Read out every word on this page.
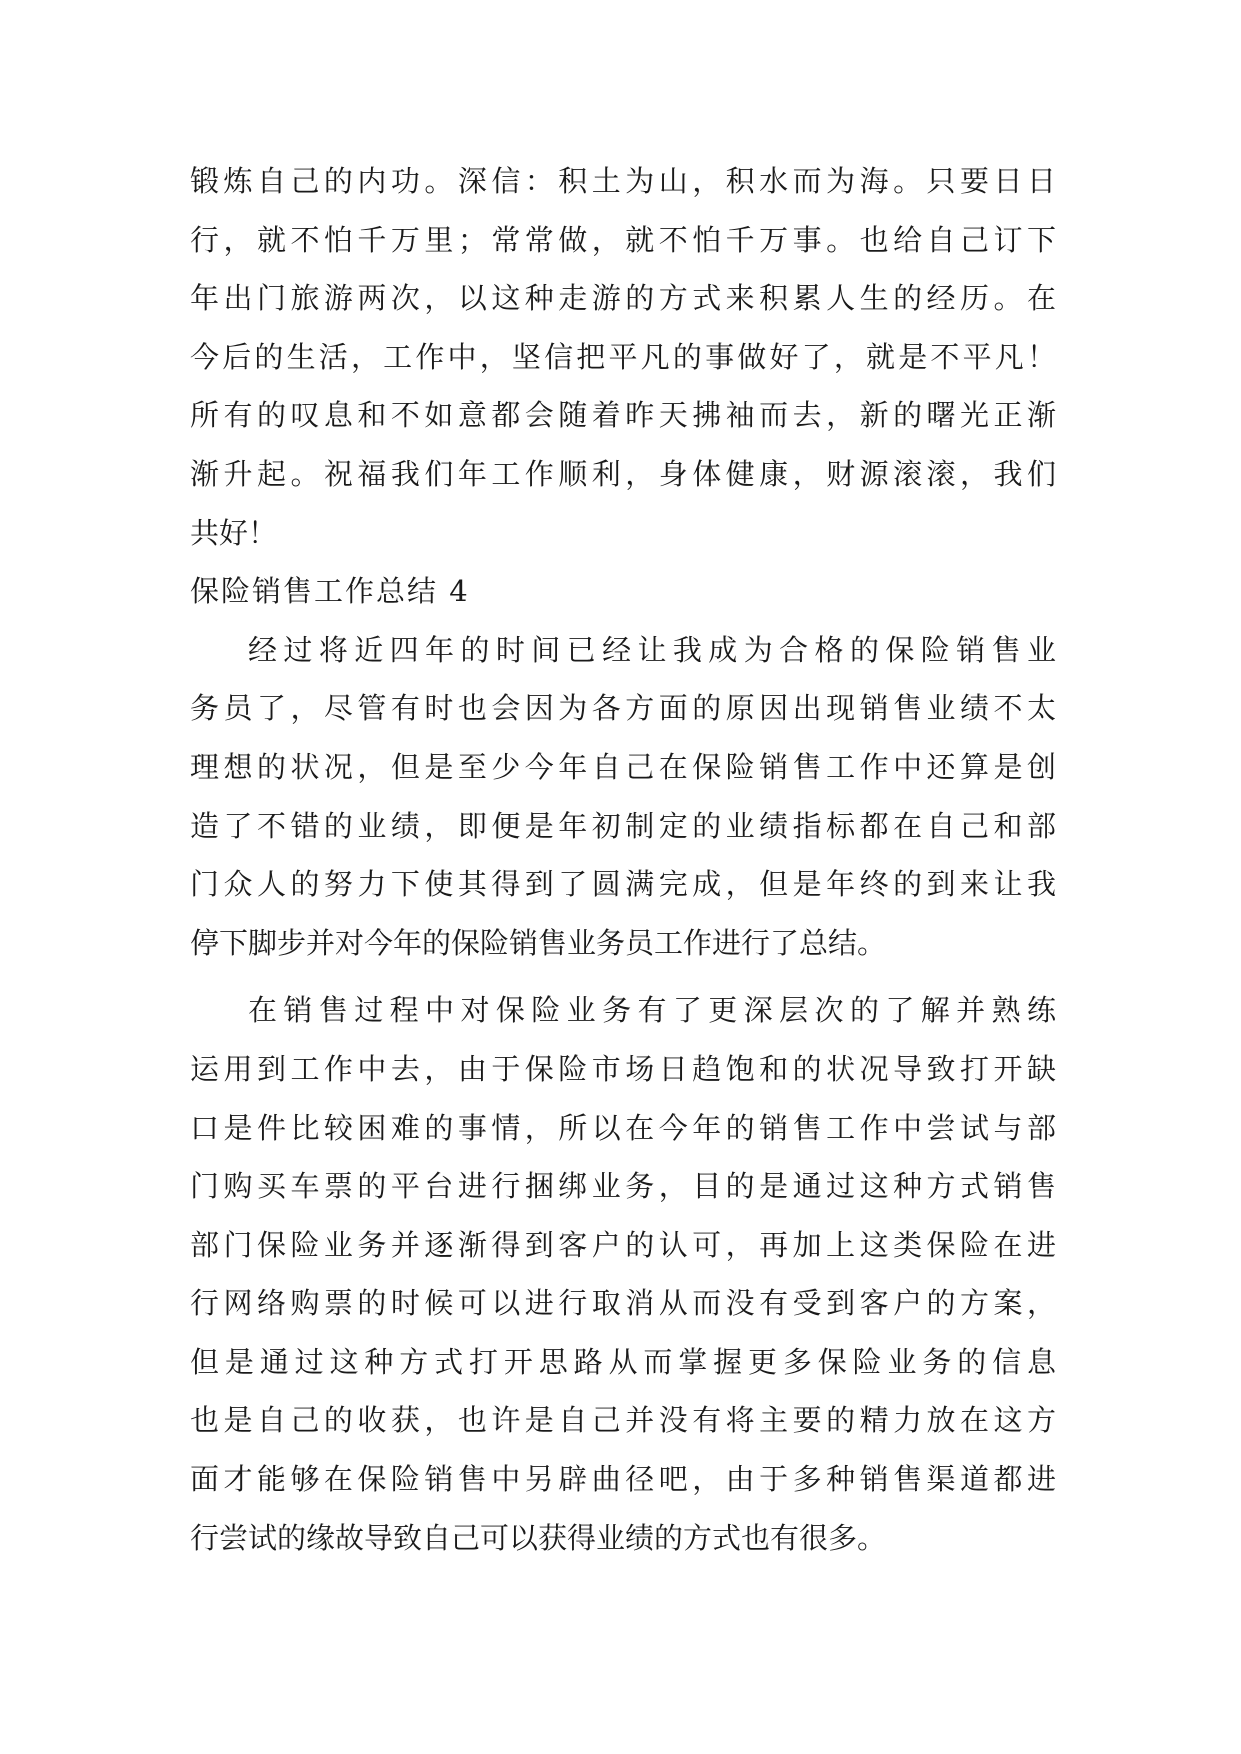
锻炼自己的内功。深信：积土为山，积水而为海。只要日日
行，就不怕千万里；常常做，就不怕千万事。也给自己订下
年出门旅游两次，以这种走游的方式来积累人生的经历。在
今后的生活，工作中，坚信把平凡的事做好了，就是不平凡！
所有的叹息和不如意都会随着昨天拂袖而去，新的曙光正渐
渐升起。祝福我们年工作顺利，身体健康，财源滚滚，我们
共好！
保险销售工作总结 4
经过将近四年的时间已经让我成为合格的保险销售业
务员了，尽管有时也会因为各方面的原因出现销售业绩不太
理想的状况，但是至少今年自己在保险销售工作中还算是创
造了不错的业绩，即便是年初制定的业绩指标都在自己和部
门众人的努力下使其得到了圆满完成，但是年终的到来让我
停下脚步并对今年的保险销售业务员工作进行了总结。
在销售过程中对保险业务有了更深层次的了解并熟练
运用到工作中去，由于保险市场日趋饱和的状况导致打开缺
口是件比较困难的事情，所以在今年的销售工作中尝试与部
门购买车票的平台进行捆绑业务，目的是通过这种方式销售
部门保险业务并逐渐得到客户的认可，再加上这类保险在进
行网络购票的时候可以进行取消从而没有受到客户的方案，
但是通过这种方式打开思路从而掌握更多保险业务的信息
也是自己的收获，也许是自己并没有将主要的精力放在这方
面才能够在保险销售中另辟曲径吧，由于多种销售渠道都进
行尝试的缘故导致自己可以获得业绩的方式也有很多。
